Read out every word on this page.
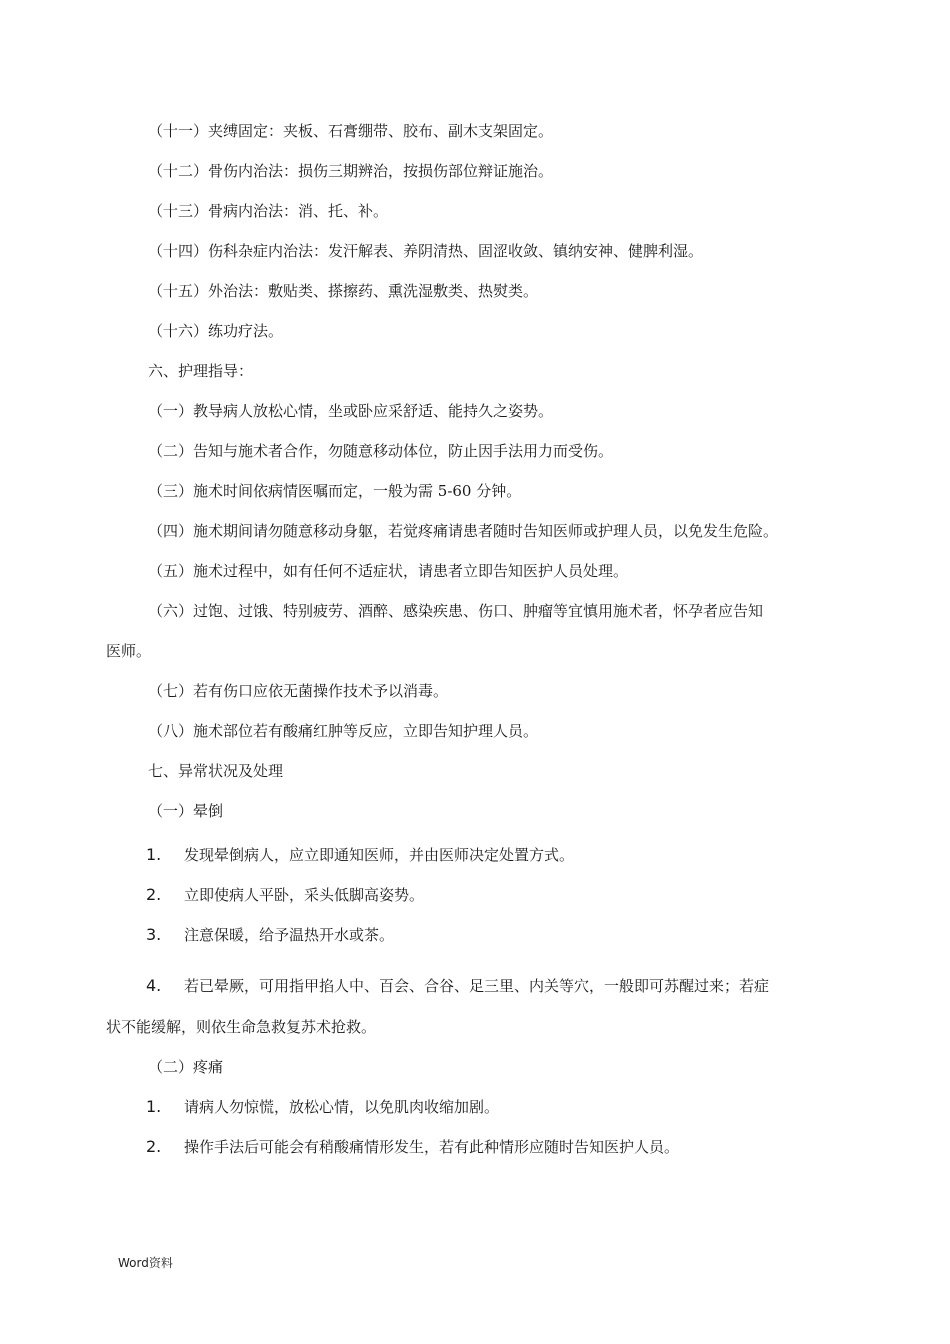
（十一）夹缚固定：夹板、石膏绷带、胶布、副木支架固定。
（十二）骨伤内治法：损伤三期辨治，按损伤部位辩证施治。
（十三）骨病内治法：消、托、补。
（十四）伤科杂症内治法：发汗解表、养阴清热、固涩收敛、镇纳安神、健脾利湿。
（十五）外治法：敷贴类、搽擦药、熏洗湿敷类、热熨类。
（十六）练功疗法。
六、护理指导：
（一）教导病人放松心情，坐或卧应采舒适、能持久之姿势。
（二）告知与施术者合作，勿随意移动体位，防止因手法用力而受伤。
（三）施术时间依病情医嘱而定，一般为需 5-60 分钟。
（四）施术期间请勿随意移动身躯，若觉疼痛请患者随时告知医师或护理人员，以免发生危险。
（五）施术过程中，如有任何不适症状，请患者立即告知医护人员处理。
（六）过饱、过饿、特别疲劳、酒醉、感染疾患、伤口、肿瘤等宜慎用施术者，怀孕者应告知
医师。
（七）若有伤口应依无菌操作技术予以消毒。
（八）施术部位若有酸痛红肿等反应，立即告知护理人员。
七、异常状况及处理
（一）晕倒
1. 发现晕倒病人，应立即通知医师，并由医师决定处置方式。
2. 立即使病人平卧，采头低脚高姿势。
3. 注意保暖，给予温热开水或茶。
4. 若已晕厥，可用指甲掐人中、百会、合谷、足三里、内关等穴，一般即可苏醒过来；若症
状不能缓解，则依生命急救复苏术抢救。
（二）疼痛
1. 请病人勿惊慌，放松心情，以免肌肉收缩加剧。
2. 操作手法后可能会有稍酸痛情形发生，若有此种情形应随时告知医护人员。
Word资料
